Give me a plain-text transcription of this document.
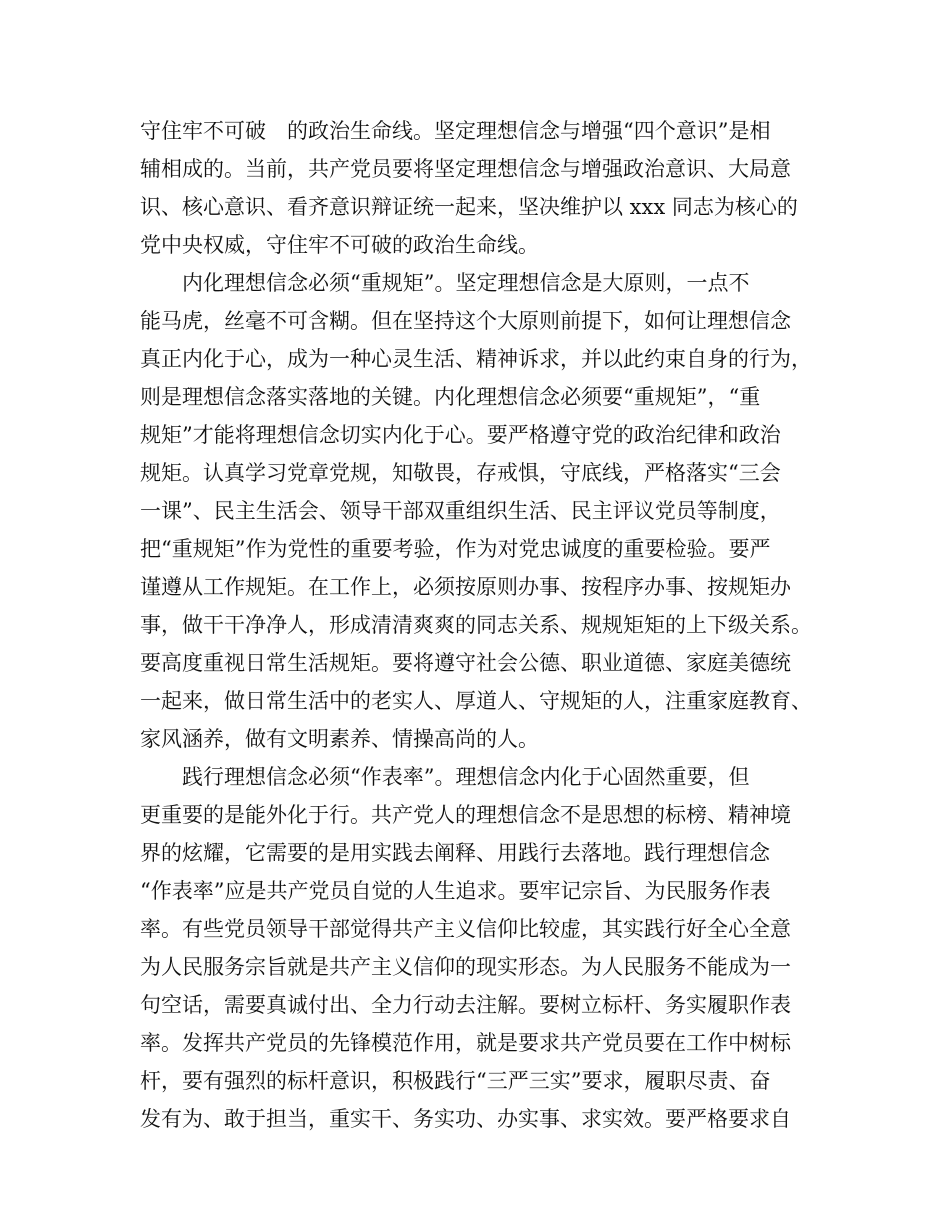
守住牢不可破　的政治生命线。坚定理想信念与增强“四个意识”是相
辅相成的。当前，共产党员要将坚定理想信念与增强政治意识、大局意
识、核心意识、看齐意识辩证统一起来，坚决维护以 xxx 同志为核心的
党中央权威，守住牢不可破的政治生命线。
内化理想信念必须“重规矩”。坚定理想信念是大原则，一点不
能马虎，丝毫不可含糊。但在坚持这个大原则前提下，如何让理想信念
真正内化于心，成为一种心灵生活、精神诉求，并以此约束自身的行为，
则是理想信念落实落地的关键。内化理想信念必须要“重规矩”，“重
规矩”才能将理想信念切实内化于心。要严格遵守党的政治纪律和政治
规矩。认真学习党章党规，知敬畏，存戒惧，守底线，严格落实“三会
一课”、民主生活会、领导干部双重组织生活、民主评议党员等制度，
把“重规矩”作为党性的重要考验，作为对党忠诚度的重要检验。要严
谨遵从工作规矩。在工作上，必须按原则办事、按程序办事、按规矩办
事，做干干净净人，形成清清爽爽的同志关系、规规矩矩的上下级关系。
要高度重视日常生活规矩。要将遵守社会公德、职业道德、家庭美德统
一起来，做日常生活中的老实人、厚道人、守规矩的人，注重家庭教育、
家风涵养，做有文明素养、情操高尚的人。
践行理想信念必须“作表率”。理想信念内化于心固然重要，但
更重要的是能外化于行。共产党人的理想信念不是思想的标榜、精神境
界的炫耀，它需要的是用实践去阐释、用践行去落地。践行理想信念
“作表率”应是共产党员自觉的人生追求。要牢记宗旨、为民服务作表
率。有些党员领导干部觉得共产主义信仰比较虚，其实践行好全心全意
为人民服务宗旨就是共产主义信仰的现实形态。为人民服务不能成为一
句空话，需要真诚付出、全力行动去注解。要树立标杆、务实履职作表
率。发挥共产党员的先锋模范作用，就是要求共产党员要在工作中树标
杆，要有强烈的标杆意识，积极践行“三严三实”要求，履职尽责、奋
发有为、敢于担当，重实干、务实功、办实事、求实效。要严格要求自
